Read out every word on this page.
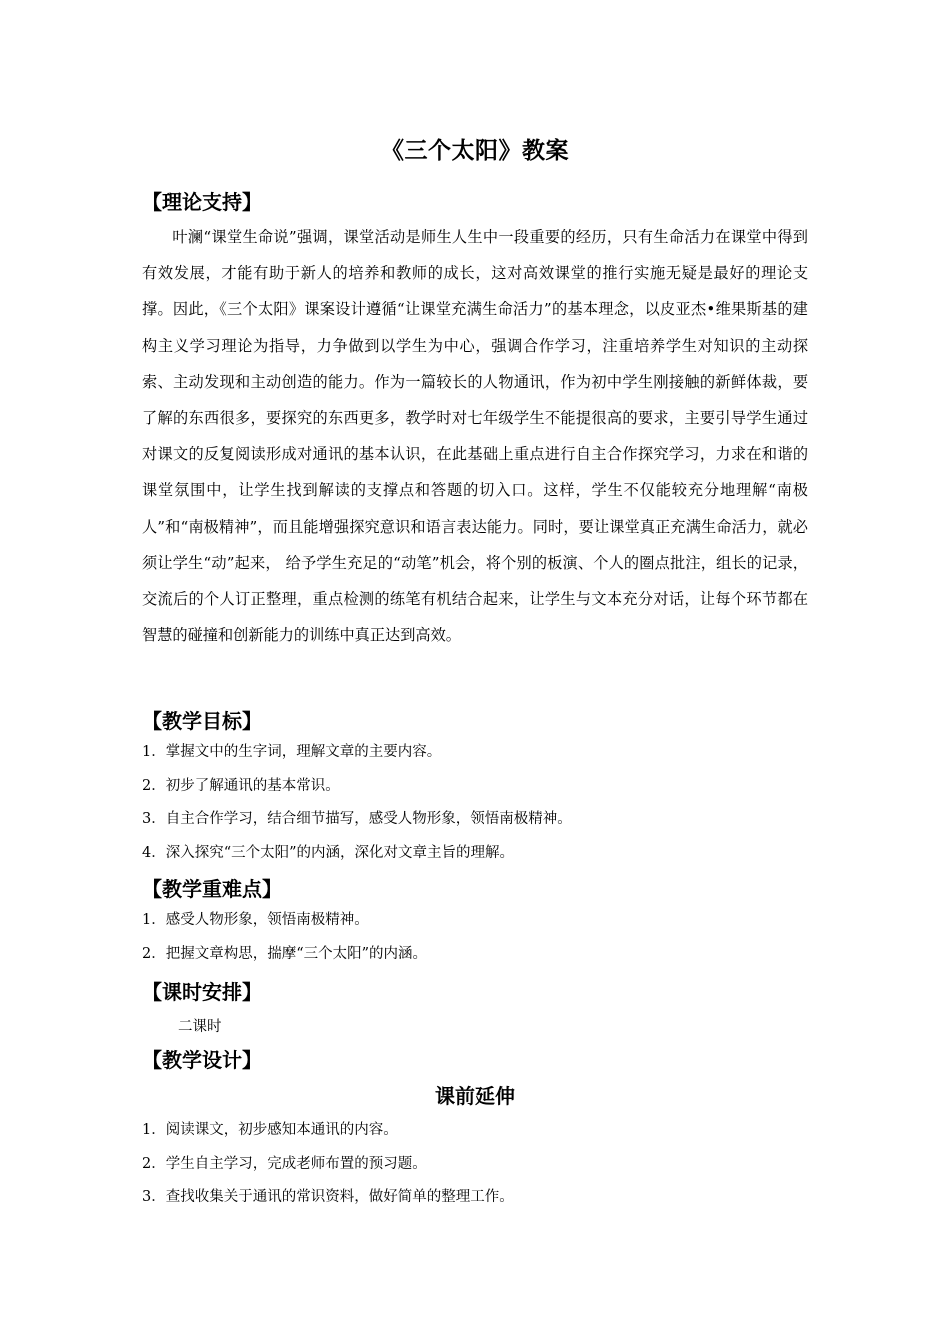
《三个太阳》教案
【理论支持】
叶澜“课堂生命说”强调，课堂活动是师生人生中一段重要的经历，只有生命活力在课堂中得到有效发展，才能有助于新人的培养和教师的成长，这对高效课堂的推行实施无疑是最好的理论支撑。因此，《三个太阳》课案设计遵循“让课堂充满生命活力”的基本理念，以皮亚杰•维果斯基的建构主义学习理论为指导，力争做到以学生为中心，强调合作学习，注重培养学生对知识的主动探索、主动发现和主动创造的能力。作为一篇较长的人物通讯，作为初中学生刚接触的新鲜体裁，要了解的东西很多，要探究的东西更多，教学时对七年级学生不能提很高的要求，主要引导学生通过对课文的反复阅读形成对通讯的基本认识，在此基础上重点进行自主合作探究学习，力求在和谐的课堂氛围中，让学生找到解读的支撑点和答题的切入口。这样，学生不仅能较充分地理解“南极人”和“南极精神”，而且能增强探究意识和语言表达能力。同时，要让课堂真正充满生命活力，就必须让学生“动”起来， 给予学生充足的“动笔”机会，将个别的板演、个人的圈点批注，组长的记录，交流后的个人订正整理，重点检测的练笔有机结合起来，让学生与文本充分对话，让每个环节都在智慧的碰撞和创新能力的训练中真正达到高效。
【教学目标】
1．掌握文中的生字词，理解文章的主要内容。
2．初步了解通讯的基本常识。
3．自主合作学习，结合细节描写，感受人物形象，领悟南极精神。
4．深入探究“三个太阳”的内涵，深化对文章主旨的理解。
【教学重难点】
1．感受人物形象，领悟南极精神。
2．把握文章构思，揣摩“三个太阳”的内涵。
【课时安排】
二课时
【教学设计】
课前延伸
1．阅读课文，初步感知本通讯的内容。
2．学生自主学习，完成老师布置的预习题。
3．查找收集关于通讯的常识资料，做好简单的整理工作。
